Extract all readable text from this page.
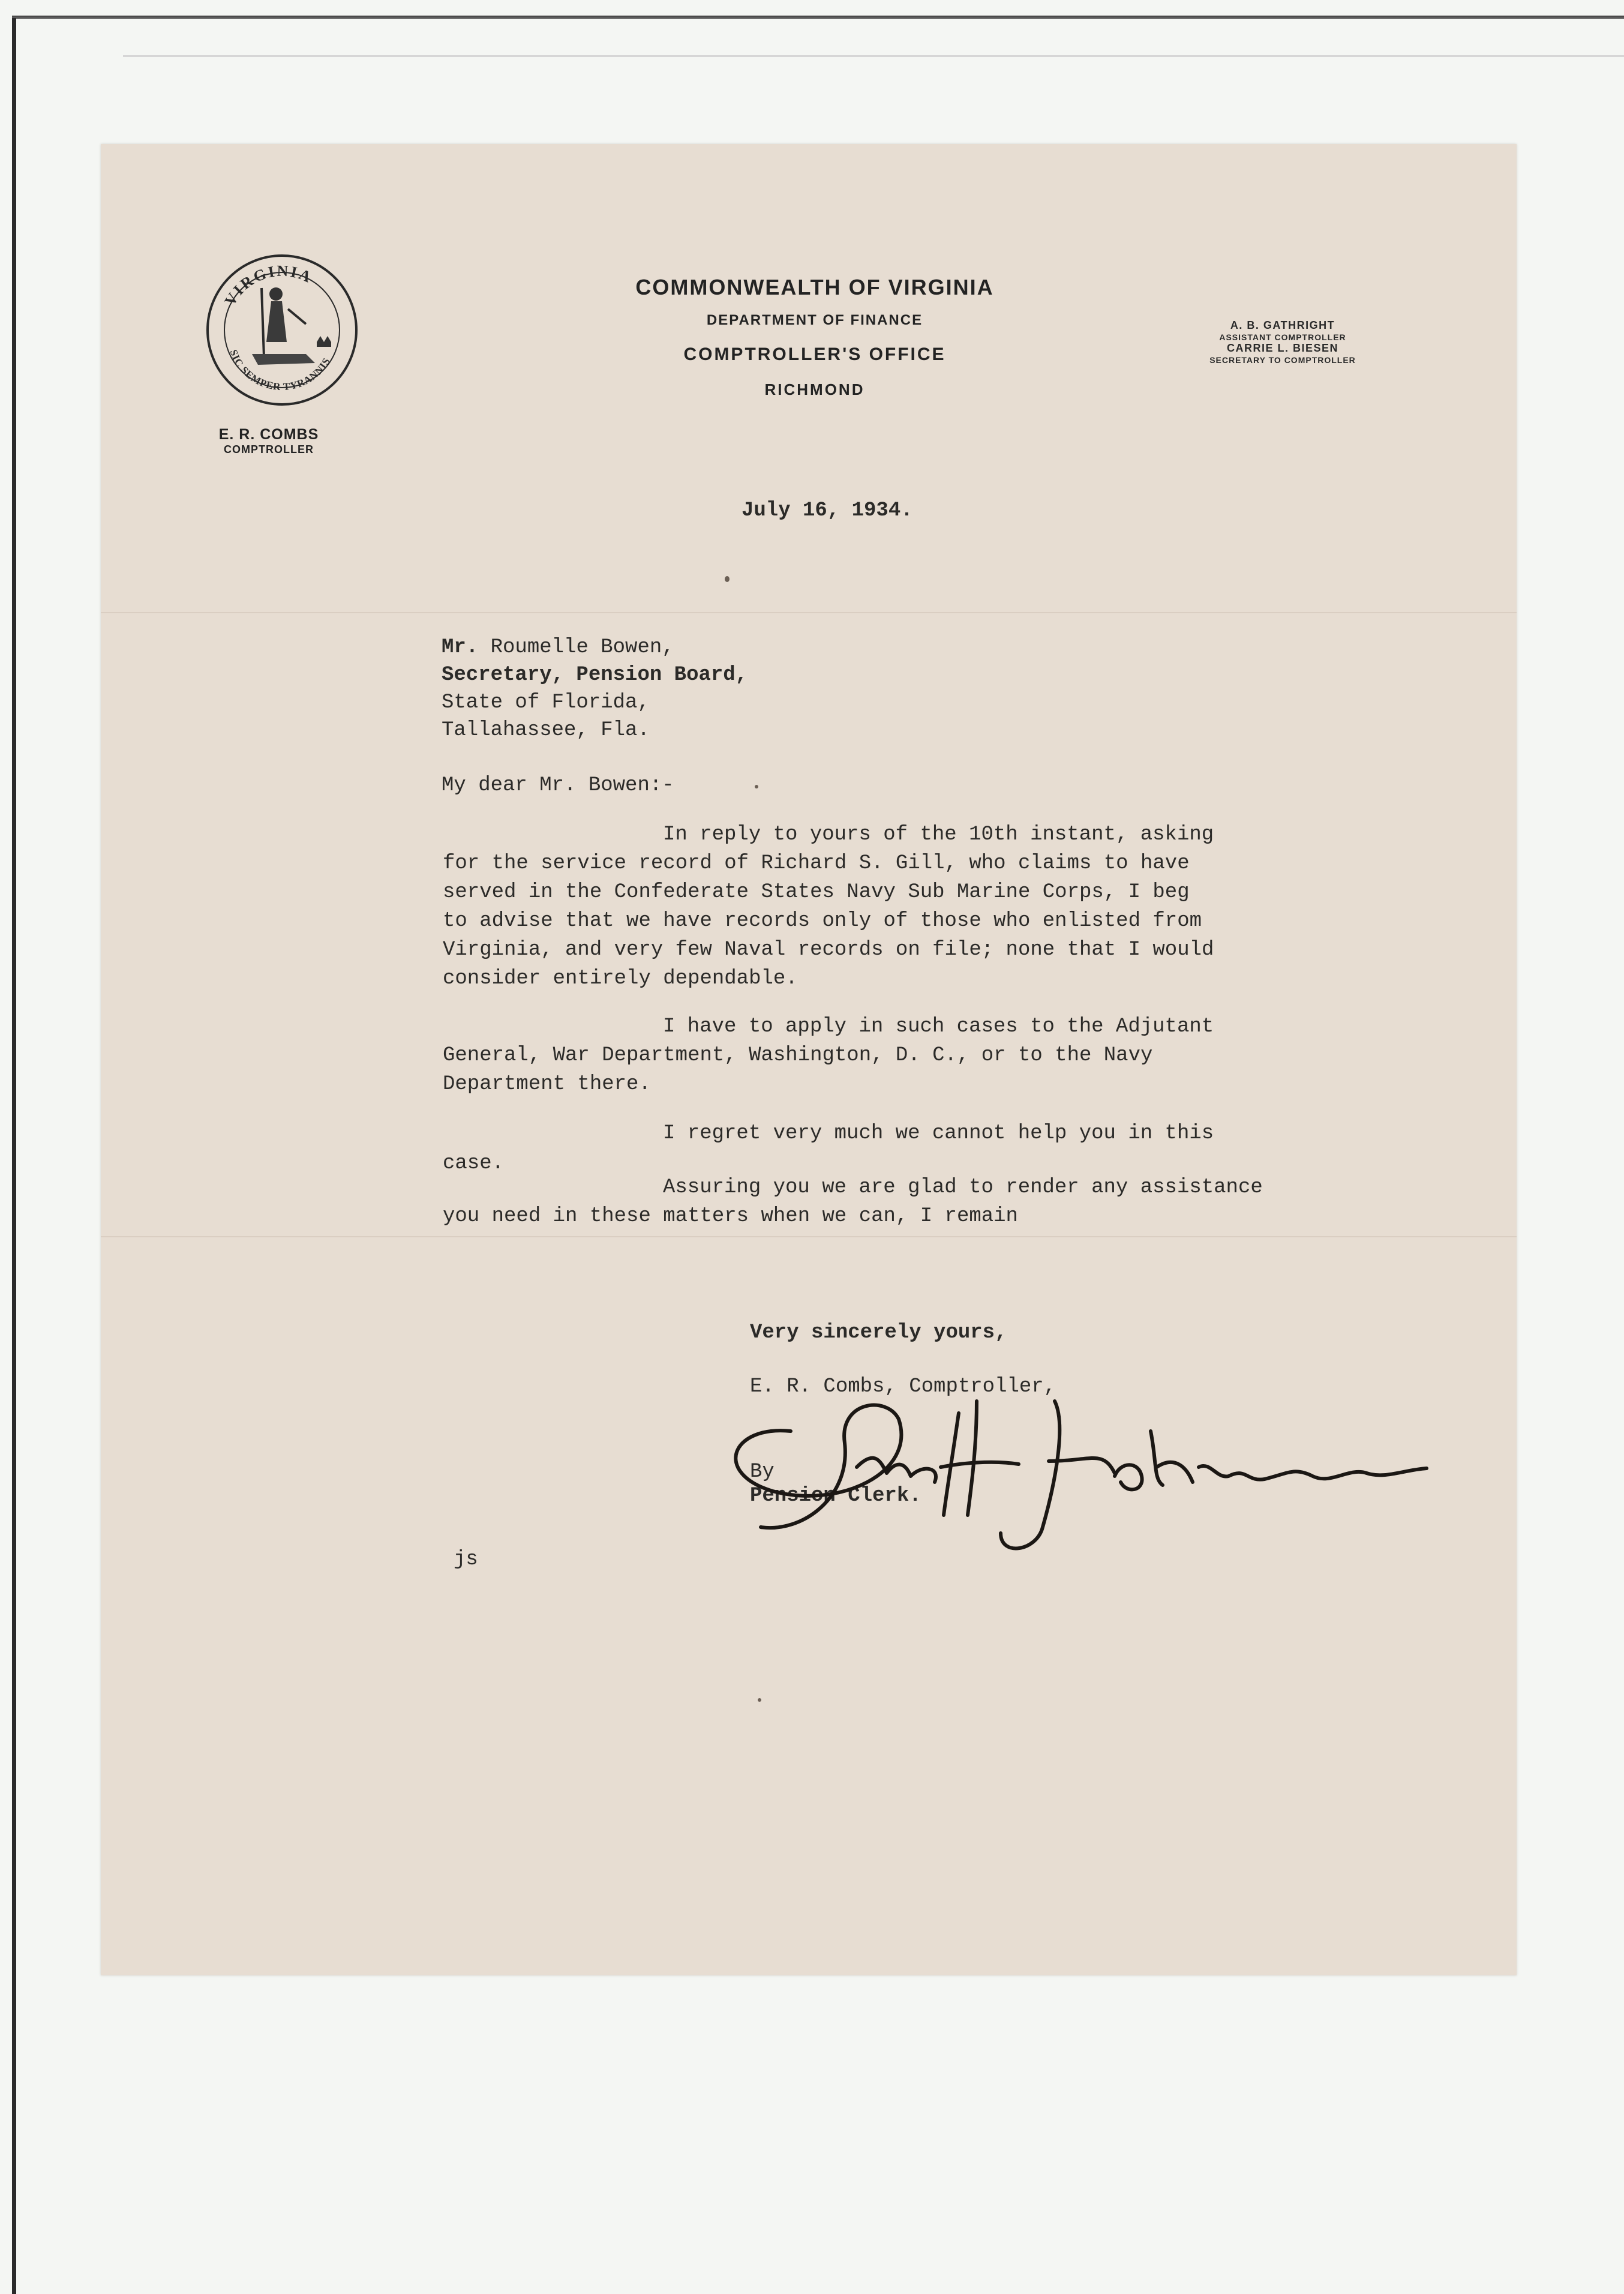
VIRGINIA
SIC SEMPER TYRANNIS
E. R. COMBS
COMPTROLLER
COMMONWEALTH OF VIRGINIA
DEPARTMENT OF FINANCE
COMPTROLLER'S OFFICE
RICHMOND
A. B. GATHRIGHT
ASSISTANT COMPTROLLER
CARRIE L. BIESEN
SECRETARY TO COMPTROLLER
July 16, 1934.
Mr. Roumelle Bowen,
Secretary, Pension Board,
State of Florida,
Tallahassee, Fla.
My dear Mr. Bowen:-
In reply to yours of the 10th instant, asking
for the service record of Richard S. Gill, who claims to have
served in the Confederate States Navy Sub Marine Corps, I beg
to advise that we have records only of those who enlisted from
Virginia, and very few Naval records on file; none that I would
consider entirely dependable.
I have to apply in such cases to the Adjutant
General, War Department, Washington, D. C., or to the Navy
Department there.
I regret very much we cannot help you in this
case.
Assuring you we are glad to render any assistance
you need in these matters when we can, I remain
Very sincerely yours,
E. R. Combs, Comptroller,
By
Pension Clerk.
js
